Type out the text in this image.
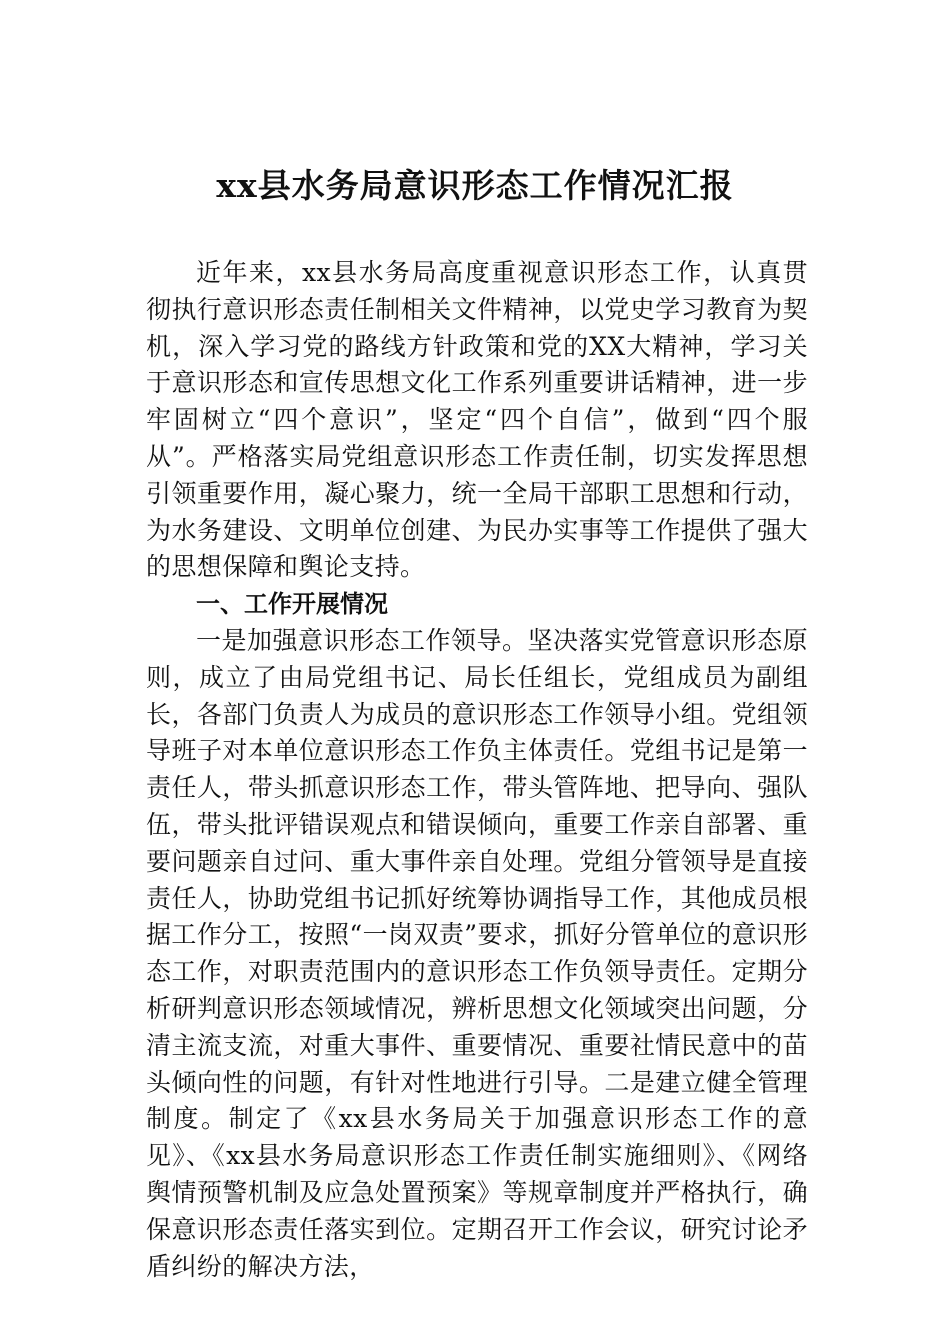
xx县水务局意识形态工作情况汇报

近年来，xx县水务局高度重视意识形态工作，认真贯彻执行意识形态责任制相关文件精神，以党史学习教育为契机，深入学习党的路线方针政策和党的XX大精神，学习关于意识形态和宣传思想文化工作系列重要讲话精神，进一步牢固树立“四个意识”，坚定“四个自信”，做到“四个服从”。严格落实局党组意识形态工作责任制，切实发挥思想引领重要作用，凝心聚力，统一全局干部职工思想和行动，为水务建设、文明单位创建、为民办实事等工作提供了强大的思想保障和舆论支持。

一、工作开展情况

一是加强意识形态工作领导。坚决落实党管意识形态原则，成立了由局党组书记、局长任组长，党组成员为副组长，各部门负责人为成员的意识形态工作领导小组。党组领导班子对本单位意识形态工作负主体责任。党组书记是第一责任人，带头抓意识形态工作，带头管阵地、把导向、强队伍，带头批评错误观点和错误倾向，重要工作亲自部署、重要问题亲自过问、重大事件亲自处理。党组分管领导是直接责任人，协助党组书记抓好统筹协调指导工作，其他成员根据工作分工，按照“一岗双责”要求，抓好分管单位的意识形态工作，对职责范围内的意识形态工作负领导责任。定期分析研判意识形态领域情况，辨析思想文化领域突出问题，分清主流支流，对重大事件、重要情况、重要社情民意中的苗头倾向性的问题，有针对性地进行引导。二是建立健全管理制度。制定了《xx县水务局关于加强意识形态工作的意见》、《xx县水务局意识形态工作责任制实施细则》、《网络舆情预警机制及应急处置预案》等规章制度并严格执行，确保意识形态责任落实到位。定期召开工作会议，研究讨论矛盾纠纷的解决方法，
